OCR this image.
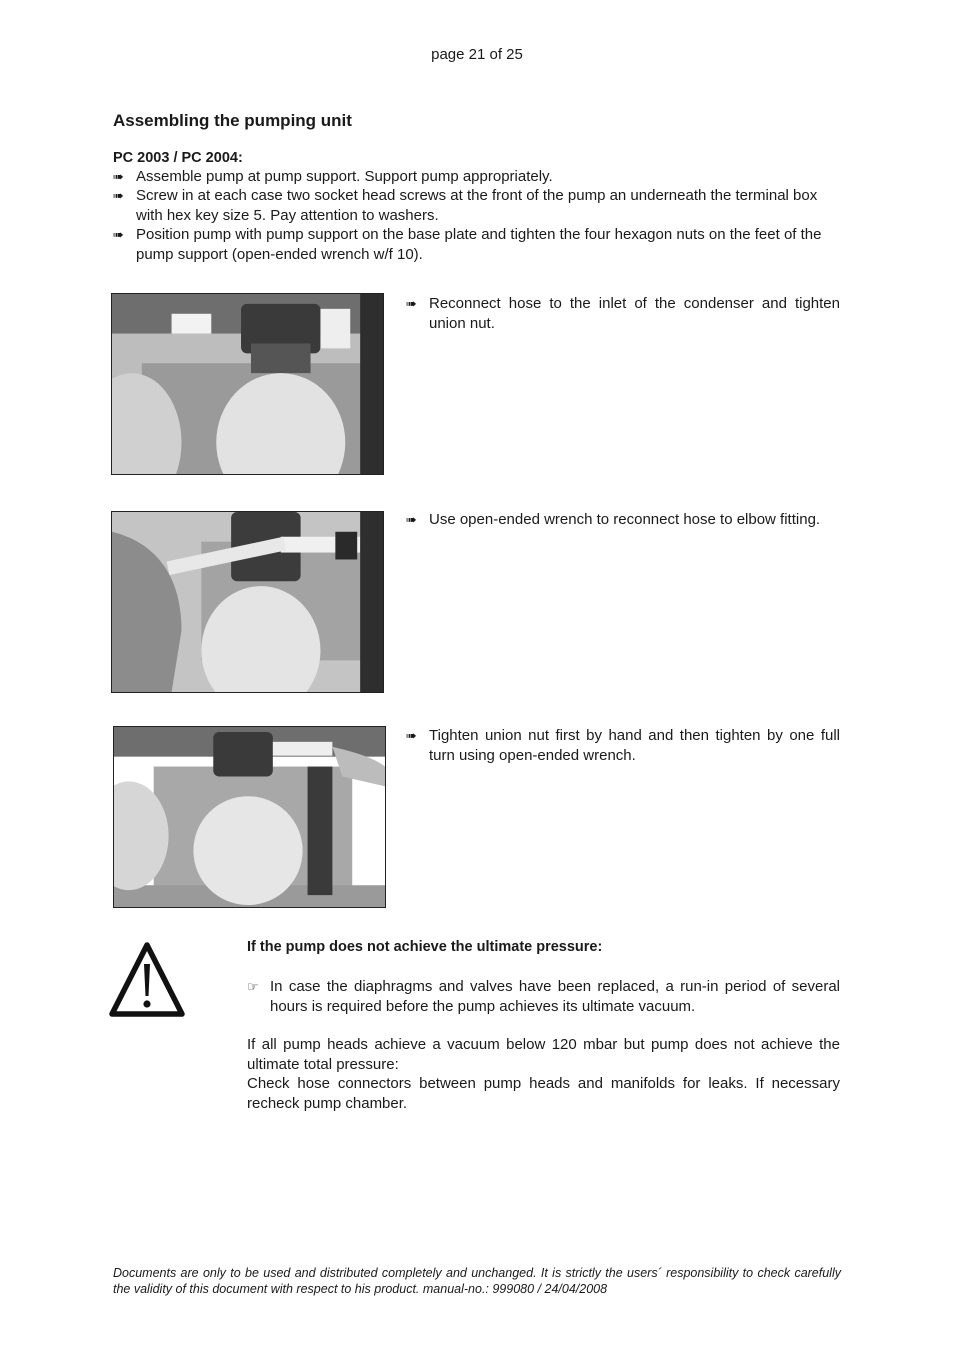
page 21 of 25
Assembling the pumping unit
PC 2003 / PC 2004:
➠ Assemble pump at pump support. Support pump appropriately.
➠ Screw in at each case two socket head screws at the front of the pump an underneath the terminal box with hex key size 5. Pay attention to washers.
➠ Position pump with pump support on the base plate and tighten the four hexagon nuts on the feet of the pump support (open-ended wrench w/f 10).
➠ Reconnect hose to the inlet of the condenser and tighten union nut.
➠ Use open-ended wrench to reconnect hose to elbow fitting.
➠ Tighten union nut first by hand and then tighten by one full turn using open-ended wrench.
If the pump does not achieve the ultimate pressure:
☞ In case the diaphragms and valves have been replaced, a run-in period of several hours is required before the pump achieves its ultimate vacuum.
If all pump heads achieve a vacuum below 120 mbar but pump does not achieve the ultimate total pressure:
Check hose connectors between pump heads and manifolds for leaks. If necessary recheck pump chamber.
Documents are only to be used and distributed completely and unchanged. It is strictly the users´ responsibility to check carefully the validity of this document with respect to his product. manual-no.: 999080 / 24/04/2008
